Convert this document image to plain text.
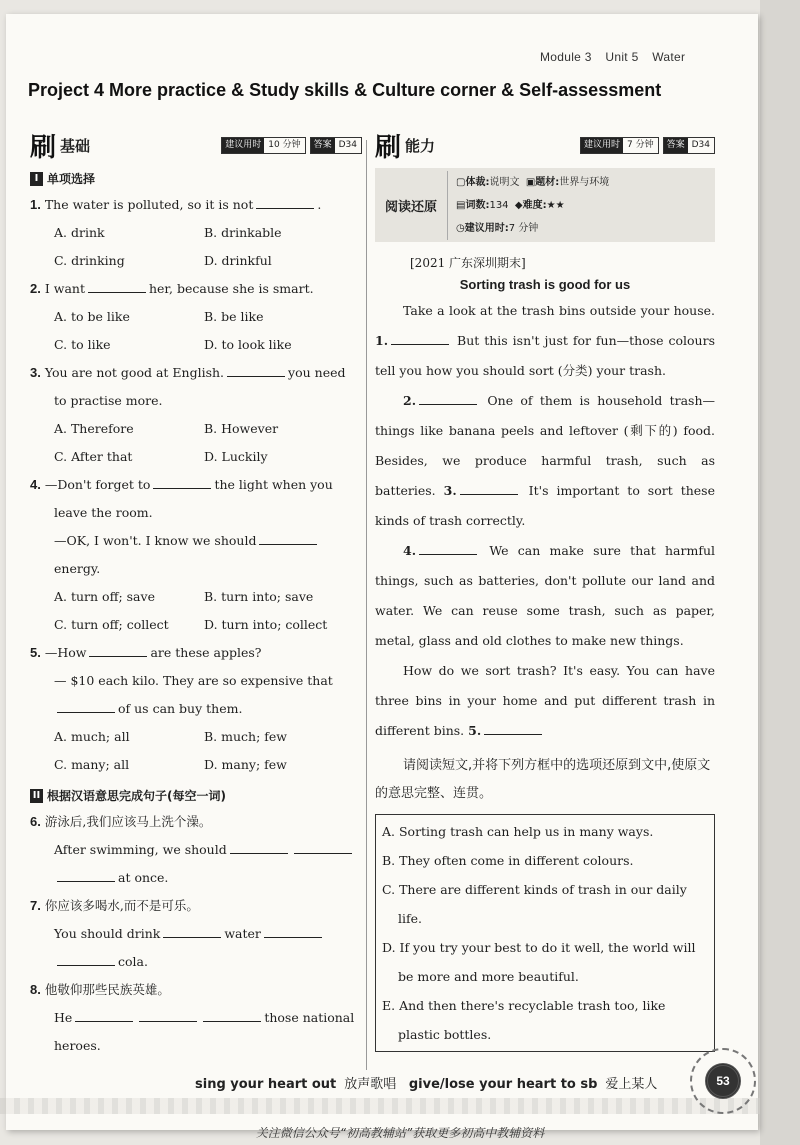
Module 3 Unit 5 Water
Project 4 More practice & Study skills & Culture corner & Self-assessment
刷 基础	建议用时 10 分钟	答案 D34
I 单项选择
1. The water is polluted, so it is not	.
A. drink	B. drinkable
C. drinking	D. drinkful
2. I want	her, because she is smart.
A. to be like	B. be like
C. to like	D. to look like
3. You are not good at English.	you need
to practise more.
A. Therefore	B. However
C. After that	D. Luckily
4. —Don't forget to	the light when you
leave the room.
—OK, I won't. I know we should
energy.
A. turn off; save	B. turn into; save
C. turn off; collect	D. turn into; collect
5. —How	are these apples?
— $10 each kilo. They are so expensive that
of us can buy them.
A. much; all	B. much; few
C. many; all	D. many; few
II 根据汉语意思完成句子(每空一词)
6. 游泳后,我们应该马上洗个澡。
After swimming, we should
at once.
7. 你应该多喝水,而不是可乐。
You should drink	water
cola.
8. 他敬仰那些民族英雄。
He	those national
heroes.
刷 能力	建议用时 7 分钟	答案 D34
阅读还原
▢体裁:说明文 ▣题材:世界与环境
▤词数:134 ◆难度:★★
◷建议用时:7 分钟
[2021 广东深圳期末]
Sorting trash is good for us

Take a look at the trash bins outside your house. 1.	But this isn't just for fun—those colours tell you how you should sort (分类) your trash.

2.	One of them is household trash—things like banana peels and leftover (剩下的) food. Besides, we produce harmful trash, such as batteries. 3.	It's important to sort these kinds of trash correctly.

4.	We can make sure that harmful things, such as batteries, don't pollute our land and water. We can reuse some trash, such as paper, metal, glass and old clothes to make new things.

How do we sort trash? It's easy. You can have three bins in your home and put different trash in different bins. 5.

请阅读短文,并将下列方框中的选项还原到文中,使原文的意思完整、连贯。

A. Sorting trash can help us in many ways.
B. They often come in different colours.
C. There are different kinds of trash in our daily life.
D. If you try your best to do it well, the world will be more and more beautiful.
E. And then there's recyclable trash too, like plastic bottles.
sing your heart out 放声歌唱 give/lose your heart to sb 爱上某人	53
关注微信公众号“初高教辅站”获取更多初高中教辅资料
